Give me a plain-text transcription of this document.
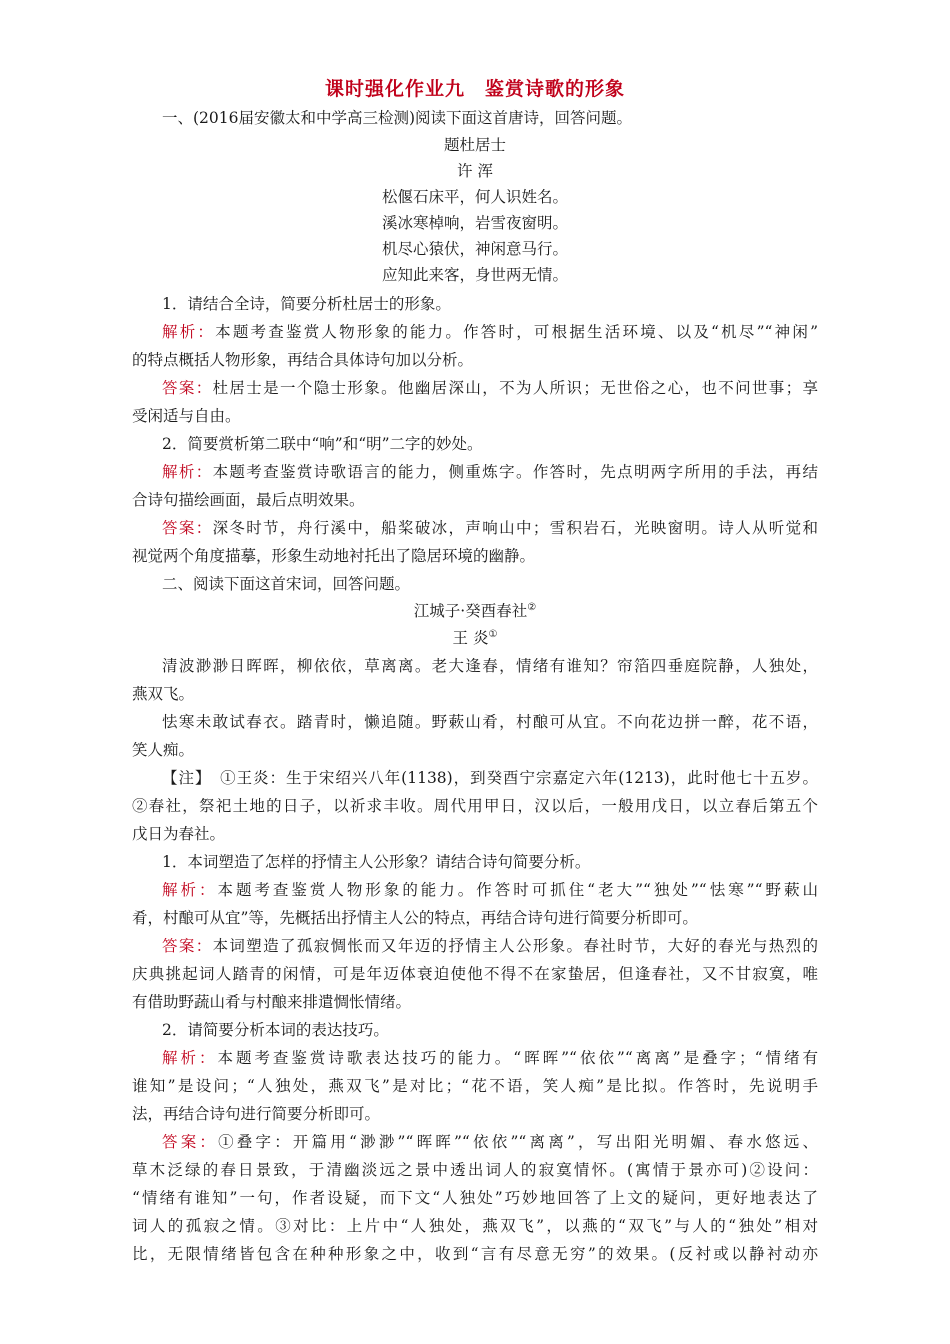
课时强化作业九　鉴赏诗歌的形象
一、(2016届安徽太和中学高三检测)阅读下面这首唐诗，回答问题。
题杜居士
许 浑
松偃石床平，何人识姓名。
溪冰寒棹响，岩雪夜窗明。
机尽心猿伏，神闲意马行。
应知此来客，身世两无情。
1．请结合全诗，简要分析杜居士的形象。
解析：本题考查鉴赏人物形象的能力。作答时，可根据生活环境、以及“机尽”“神闲”
的特点概括人物形象，再结合具体诗句加以分析。
答案：杜居士是一个隐士形象。他幽居深山，不为人所识；无世俗之心，也不问世事；享
受闲适与自由。
2．简要赏析第二联中“响”和“明”二字的妙处。
解析：本题考查鉴赏诗歌语言的能力，侧重炼字。作答时，先点明两字所用的手法，再结
合诗句描绘画面，最后点明效果。
答案：深冬时节，舟行溪中，船桨破冰，声响山中；雪积岩石，光映窗明。诗人从听觉和
视觉两个角度描摹，形象生动地衬托出了隐居环境的幽静。
二、阅读下面这首宋词，回答问题。
江城子·癸酉春社②
王 炎①
清波渺渺日晖晖，柳依依，草离离。老大逢春，情绪有谁知？帘箔四垂庭院静，人独处，
燕双飞。
怯寒未敢试春衣。踏青时，懒追随。野蔌山肴，村酿可从宜。不向花边拼一醉，花不语，
笑人痴。
【注】　①王炎：生于宋绍兴八年(1138)，到癸酉宁宗嘉定六年(1213)，此时他七十五岁。
②春社，祭祀土地的日子，以祈求丰收。周代用甲日，汉以后，一般用戊日，以立春后第五个
戊日为春社。
1．本词塑造了怎样的抒情主人公形象？请结合诗句简要分析。
解析：本题考查鉴赏人物形象的能力。作答时可抓住“老大”“独处”“怯寒”“野蔌山
肴，村酿可从宜”等，先概括出抒情主人公的特点，再结合诗句进行简要分析即可。
答案：本词塑造了孤寂惆怅而又年迈的抒情主人公形象。春社时节，大好的春光与热烈的
庆典挑起词人踏青的闲情，可是年迈体衰迫使他不得不在家蛰居，但逢春社，又不甘寂寞，唯
有借助野蔬山肴与村酿来排遣惆怅情绪。
2．请简要分析本词的表达技巧。
解析：本题考查鉴赏诗歌表达技巧的能力。“晖晖”“依依”“离离”是叠字；“情绪有
谁知”是设问；“人独处，燕双飞”是对比；“花不语，笑人痴”是比拟。作答时，先说明手
法，再结合诗句进行简要分析即可。
答案：①叠字：开篇用“渺渺”“晖晖”“依依”“离离”，写出阳光明媚、春水悠远、
草木泛绿的春日景致，于清幽淡远之景中透出词人的寂寞情怀。(寓情于景亦可)②设问：
“情绪有谁知”一句，作者设疑，而下文“人独处”巧妙地回答了上文的疑问，更好地表达了
词人的孤寂之情。③对比：上片中“人独处，燕双飞”，以燕的“双飞”与人的“独处”相对
比，无限情绪皆包含在种种形象之中，收到“言有尽意无穷”的效果。(反衬或以静衬动亦
